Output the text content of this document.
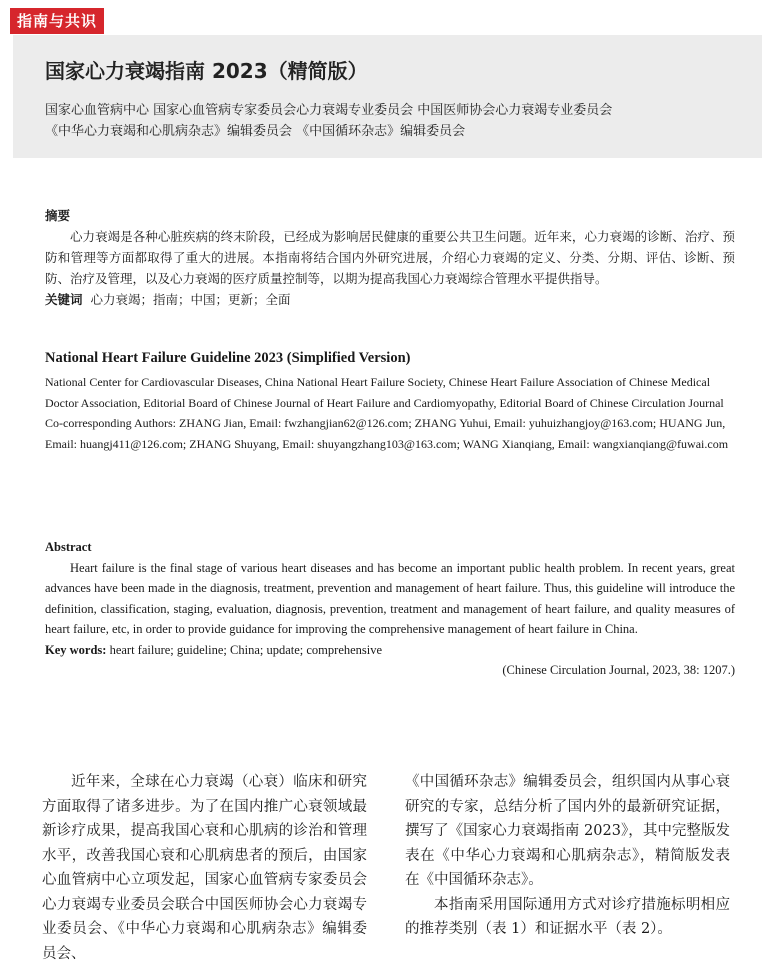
指南与共识
国家心力衰竭指南 2023（精简版）
国家心血管病中心 国家心血管病专家委员会心力衰竭专业委员会 中国医师协会心力衰竭专业委员会
《中华心力衰竭和心肌病杂志》编辑委员会 《中国循环杂志》编辑委员会
摘要

心力衰竭是各种心脏疾病的终末阶段，已经成为影响居民健康的重要公共卫生问题。近年来，心力衰竭的诊断、治疗、预防和管理等方面都取得了重大的进展。本指南将结合国内外研究进展，介绍心力衰竭的定义、分类、分期、评估、诊断、预防、治疗及管理，以及心力衰竭的医疗质量控制等，以期为提高我国心力衰竭综合管理水平提供指导。

关键词 心力衰竭；指南；中国；更新；全面
National Heart Failure Guideline 2023 (Simplified Version)
National Center for Cardiovascular Diseases, China National Heart Failure Society, Chinese Heart Failure Association of Chinese Medical Doctor Association, Editorial Board of Chinese Journal of Heart Failure and Cardiomyopathy, Editorial Board of Chinese Circulation Journal
Co-corresponding Authors: ZHANG Jian, Email: fwzhangjian62@126.com; ZHANG Yuhui, Email: yuhuizhangjoy@163.com; HUANG Jun, Email: huangj411@126.com; ZHANG Shuyang, Email: shuyangzhang103@163.com; WANG Xianqiang, Email: wangxianqiang@fuwai.com
Abstract

Heart failure is the final stage of various heart diseases and has become an important public health problem. In recent years, great advances have been made in the diagnosis, treatment, prevention and management of heart failure. Thus, this guideline will introduce the definition, classification, staging, evaluation, diagnosis, prevention, treatment and management of heart failure, and quality measures of heart failure, etc, in order to provide guidance for improving the comprehensive management of heart failure in China.

Key words: heart failure; guideline; China; update; comprehensive
(Chinese Circulation Journal, 2023, 38: 1207.)

近年来，全球在心力衰竭（心衰）临床和研究方面取得了诸多进步。为了在国内推广心衰领域最新诊疗成果，提高我国心衰和心肌病的诊治和管理水平，改善我国心衰和心肌病患者的预后，由国家心血管病中心立项发起，国家心血管病专家委员会心力衰竭专业委员会联合中国医师协会心力衰竭专业委员会、《中华心力衰竭和心肌病杂志》编辑委员会、

《中国循环杂志》编辑委员会，组织国内从事心衰研究的专家，总结分析了国内外的最新研究证据，撰写了《国家心力衰竭指南 2023》，其中完整版发表在《中华心力衰竭和心肌病杂志》，精简版发表在《中国循环杂志》。

本指南采用国际通用方式对诊疗措施标明相应的推荐类别（表 1）和证据水平（表 2）。
